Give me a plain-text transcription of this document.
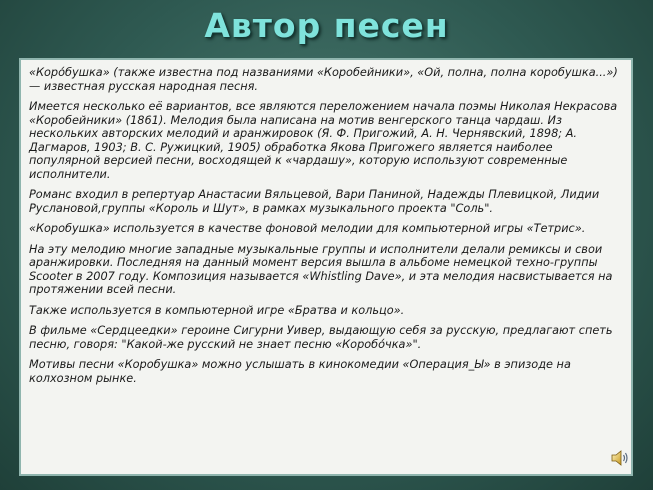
Автор песен

«Коро́бушка» (также известна под названиями «Коробейники», «Ой, полна, полна коробушка...») — известная русская народная песня.

Имеется несколько её вариантов, все являются переложением начала поэмы Николая Некрасова «Коробейники» (1861). Мелодия была написана на мотив венгерского танца чардаш. Из нескольких авторских мелодий и аранжировок (Я. Ф. Пригожий, А. Н. Чернявский, 1898; А. Дагмаров, 1903; В. С. Ружицкий, 1905) обработка Якова Пригожего является наиболее популярной версией песни, восходящей к «чардашу», которую используют современные исполнители.

Романс входил в репертуар Анастасии Вяльцевой, Вари Паниной, Надежды Плевицкой, Лидии Руслановой,группы «Король и Шут», в рамках музыкального проекта "Соль".

«Коробушка» используется в качестве фоновой мелодии для компьютерной игры «Тетрис».

На эту мелодию многие западные музыкальные группы и исполнители делали ремиксы и свои аранжировки. Последняя на данный момент версия вышла в альбоме немецкой техно-группы Scooter в 2007 году. Композиция называется «Whistling Dave», и эта мелодия насвистывается на протяжении всей песни.

Также используется в компьютерной игре «Братва и кольцо».

В фильме «Сердцеедки» героине Сигурни Уивер, выдающую себя за русскую, предлагают спеть песню, говоря: "Какой-же русский не знает песню «Коробо́чка»".

Мотивы песни «Коробушка» можно услышать в кинокомедии «Операция_Ы» в эпизоде на колхозном рынке.
